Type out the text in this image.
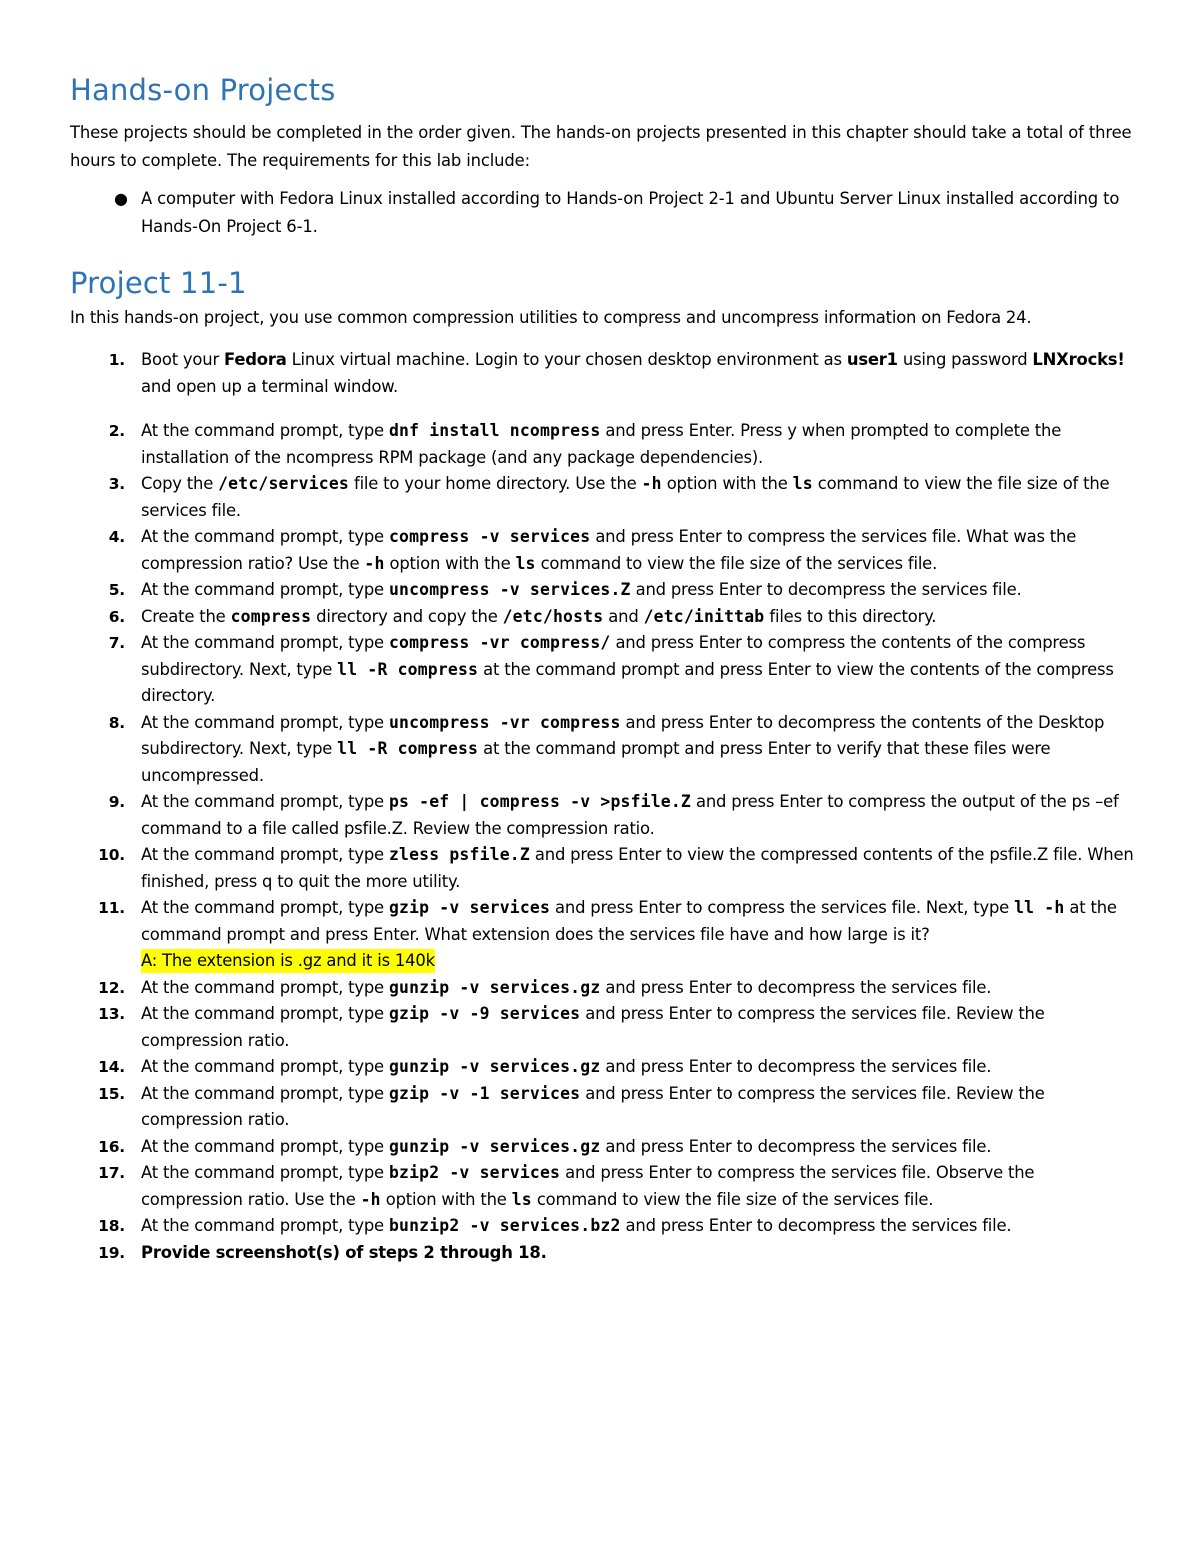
Hands-on Projects

These projects should be completed in the order given. The hands-on projects presented in this chapter should take a total of three hours to complete. The requirements for this lab include:

● A computer with Fedora Linux installed according to Hands-on Project 2-1 and Ubuntu Server Linux installed according to Hands-On Project 6-1.
Project 11-1

In this hands-on project, you use common compression utilities to compress and uncompress information on Fedora 24.

1. Boot your Fedora Linux virtual machine. Login to your chosen desktop environment as user1 using password LNXrocks! and open up a terminal window.
2. At the command prompt, type dnf install ncompress and press Enter. Press y when prompted to complete the installation of the ncompress RPM package (and any package dependencies).
3. Copy the /etc/services file to your home directory. Use the -h option with the ls command to view the file size of the services file.
4. At the command prompt, type compress -v services and press Enter to compress the services file. What was the compression ratio? Use the -h option with the ls command to view the file size of the services file.
5. At the command prompt, type uncompress -v services.Z and press Enter to decompress the services file.
6. Create the compress directory and copy the /etc/hosts and /etc/inittab files to this directory.
7. At the command prompt, type compress -vr compress/ and press Enter to compress the contents of the compress subdirectory. Next, type ll -R compress at the command prompt and press Enter to view the contents of the compress directory.
8. At the command prompt, type uncompress -vr compress and press Enter to decompress the contents of the Desktop subdirectory. Next, type ll -R compress at the command prompt and press Enter to verify that these files were uncompressed.
9. At the command prompt, type ps -ef | compress -v >psfile.Z and press Enter to compress the output of the ps –ef command to a file called psfile.Z. Review the compression ratio.
10. At the command prompt, type zless psfile.Z and press Enter to view the compressed contents of the psfile.Z file. When finished, press q to quit the more utility.
11. At the command prompt, type gzip -v services and press Enter to compress the services file. Next, type ll -h at the command prompt and press Enter. What extension does the services file have and how large is it?
A: The extension is .gz and it is 140k
12. At the command prompt, type gunzip -v services.gz and press Enter to decompress the services file.
13. At the command prompt, type gzip -v -9 services and press Enter to compress the services file. Review the compression ratio.
14. At the command prompt, type gunzip -v services.gz and press Enter to decompress the services file.
15. At the command prompt, type gzip -v -1 services and press Enter to compress the services file. Review the compression ratio.
16. At the command prompt, type gunzip -v services.gz and press Enter to decompress the services file.
17. At the command prompt, type bzip2 -v services and press Enter to compress the services file. Observe the compression ratio. Use the -h option with the ls command to view the file size of the services file.
18. At the command prompt, type bunzip2 -v services.bz2 and press Enter to decompress the services file.
19. Provide screenshot(s) of steps 2 through 18.
